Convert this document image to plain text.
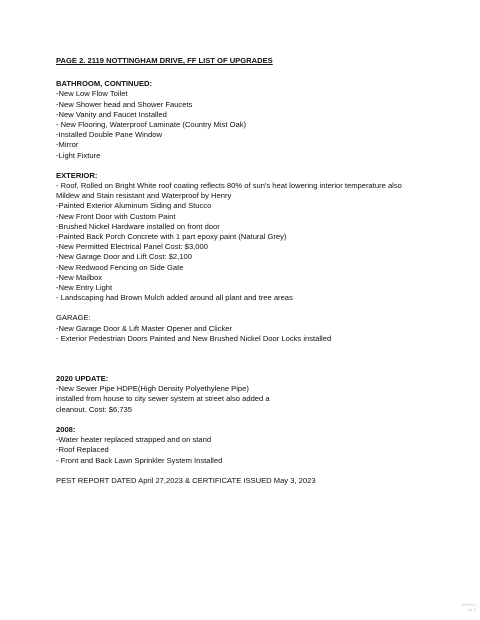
PAGE 2. 2119 NOTTINGHAM DRIVE, FF LIST OF UPGRADES

BATHROOM, CONTINUED:

-New Low Flow Toilet

-New Shower head and Shower Faucets

-New Vanity and Faucet Installed

- New Flooring, Waterproof Laminate (Country Mist Oak)

-Installed Double Pane Window

-Mirror

-Light Fixture

EXTERIOR:

- Roof, Rolled on Bright White roof coating reflects 80% of sun's heat lowering interior temperature also

Mildew and Stain resistant and Waterproof by Henry

-Painted Exterior Aluminum Siding and Stucco

-New Front Door with Custom Paint

-Brushed Nickel Hardware installed on front door

-Painted Back Porch Concrete with 1 part epoxy paint (Natural Grey)

-New Permitted Electrical Panel Cost: $3,000

-New Garage Door and Lift Cost: $2,100

-New Redwood Fencing on Side Gate

-New Mailbox

-New Entry Light

- Landscaping had Brown Mulch added around all plant and tree areas

GARAGE:

-New Garage Door & Lift Master Opener and Clicker

- Exterior Pedestrian Doors Painted and New Brushed Nickel Door Locks installed

2020 UPDATE:

-New Sewer Pipe HDPE(High Density Polyethylene Pipe)

installed from house to city sewer system at street also added a

cleanout. Cost: $6,735

2008:

-Water heater replaced strapped and on stand

-Roof Replaced

- Front and Back Lawn Sprinkler System Installed

PEST REPORT DATED April 27,2023 & CERTIFICATE ISSUED May 3, 2023

BAREIS
MLS
